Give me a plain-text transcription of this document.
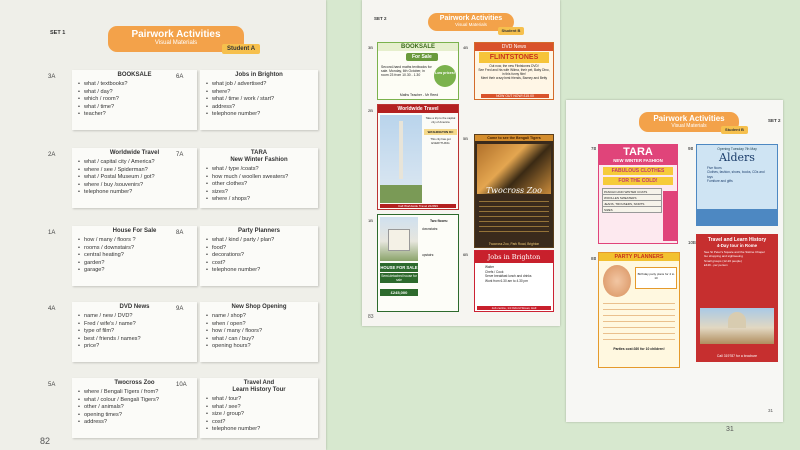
SET 1	Pairwork Activities
Visual Materials
Student A
3A	BOOKSALE
• what / textbooks?
• what / day?
• which / room?
• what / time?
• teacher?
6A	Jobs in Brighton
• what job / advertised?
• where?
• what / time / work / start?
• address?
• telephone number?
2A	Worldwide Travel
• what / capital city / America?
• where / see / Spiderman?
• what / Postal Museum / got?
• where / buy /souvenirs?
• telephone number?
7A	TARA
New Winter Fashion
• what / type /coats?
• how much / woollen sweaters?
• other clothes?
• sizes?
• where / shops?
1A	House For Sale
• how / many / floors ?
• rooms / downstairs?
• central heating?
• garden?
• garage?
8A	Party Planners
• what / kind / party / plan?
• food?
• decorations?
• cost?
• telephone number?
4A	DVD News
• name / new / DVD?
• Fred / wife's / name?
• type of film?
• best / friends / names?
• price?
9A	New Shop Opening
• name / shop?
• when / open?
• how / many / floors?
• what / can / buy?
• opening hours?
5A	Twocross Zoo
• where / Bengali Tigers / from?
• what / colour / Bengali Tigers?
• other / animals?
• opening times?
• address?
10A	Travel And
Learn History Tour
• what / tour?
• what / see?
• size / group?
• cost?
• telephone number?
82
SET 2	Pairwork Activities
Visual Materials
Student B
3B	BOOKSALE
For Sale
Second-hand maths textbooks for sale. Monday, 6th October, in room 23 from 10.30 - 1.30
Low prices!
Maths Teacher - Mr Reed
4B	DVD News
FLINTSTONES
Out now, the new Flintstones DVD!
See Fred and his wife Wilma, their pet, Baby Dino, in this funny film!
Meet their crazy best friends, Barney and Betty
NOW OUT NOW! £15.00
2B	Worldwide Travel
Take a trip to the capital city of America
WASHINGTON DC
This city has got EVERYTHING
Call Worldwide Travel 222999
5B	Come to see the Bengali Tigers
Twocross Zoo
Twocross Zoo, Park Road, Brighton
1B
HOUSE FOR SALE
Semi-detached house for sale
£245,000
Two floors:
downstairs:
upstairs:	6B	Jobs in Brighton
Waiter
Chefs / Cook
Serve breakfast lunch and drinks
Work from 6.30 am to 4.30 pm
Job centre, 14 Oxford Street, Hull
83
SET 2
Pairwork Activities
Visual Materials
Student B
7B	TARA
NEW WINTER FASHION
FABULOUS CLOTHES
FOR THE COLD!
PANCHO AND WINTER COATS
WOOLLEN SWEATERS
JEANS, TROUSERS, SKIRTS
SIZES
9B	Opening Tuesday 7th May
Alders
Five floors
Clothes, fashion, shoes, books, CDs and toys
Furniture and gifts
8B	PARTY PLANNERS
Birthday party plans for 4 to 10
Parties cost £60 for 10 children!
10B	Travel and Learn History
4-Day tour in Rome
See St Peter's Square and the Sistine Chapel
Go shopping and sightseeing
Small groups (12-20 people)
£449 - per person
Call 319787 for a brochure
31
31
